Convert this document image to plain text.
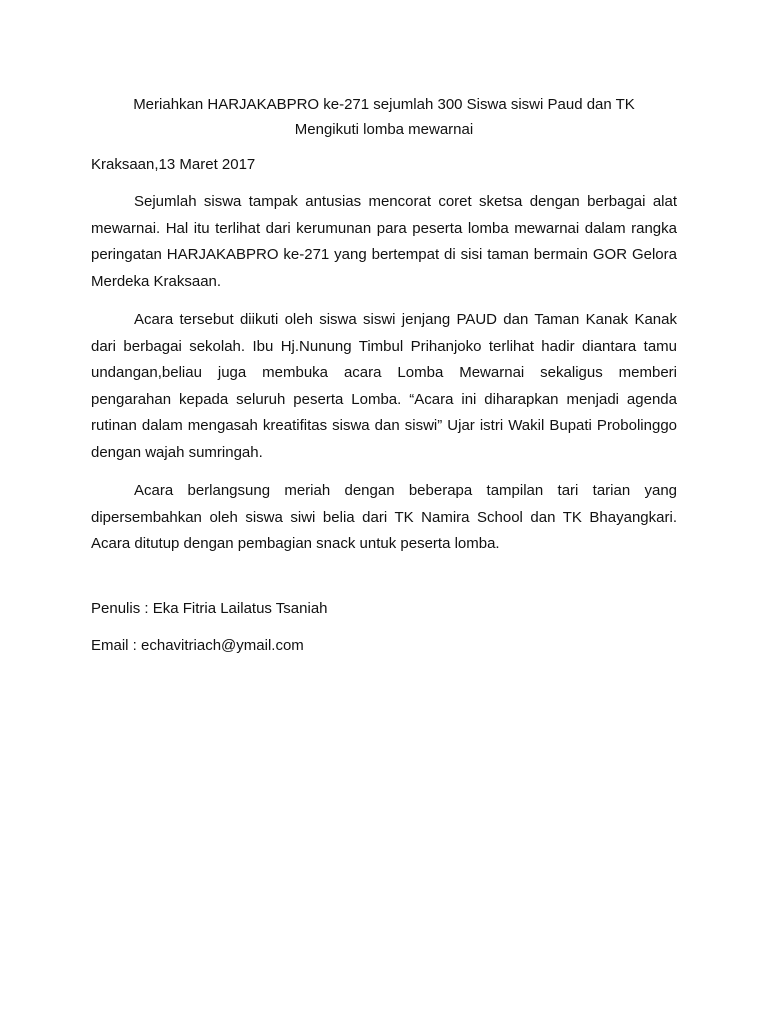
Meriahkan HARJAKABPRO ke-271 sejumlah 300 Siswa siswi Paud dan TK
Mengikuti lomba mewarnai
Kraksaan,13 Maret 2017

Sejumlah siswa tampak antusias mencorat coret sketsa dengan berbagai alat mewarnai. Hal itu terlihat dari kerumunan para peserta lomba mewarnai dalam rangka peringatan HARJAKABPRO ke-271 yang bertempat di sisi taman bermain GOR Gelora Merdeka Kraksaan.

Acara tersebut diikuti oleh siswa siswi jenjang PAUD dan Taman Kanak Kanak dari berbagai sekolah. Ibu Hj.Nunung Timbul Prihanjoko terlihat hadir diantara tamu undangan,beliau juga membuka acara Lomba Mewarnai sekaligus memberi pengarahan kepada seluruh peserta Lomba. “Acara ini diharapkan menjadi agenda rutinan dalam mengasah kreatifitas siswa dan siswi” Ujar istri Wakil Bupati Probolinggo dengan wajah sumringah.

Acara berlangsung meriah dengan beberapa tampilan tari tarian yang dipersembahkan oleh siswa siwi belia dari TK Namira School dan TK Bhayangkari. Acara ditutup dengan pembagian snack untuk peserta lomba.

Penulis : Eka Fitria Lailatus Tsaniah
Email : echavitriach@ymail.com
